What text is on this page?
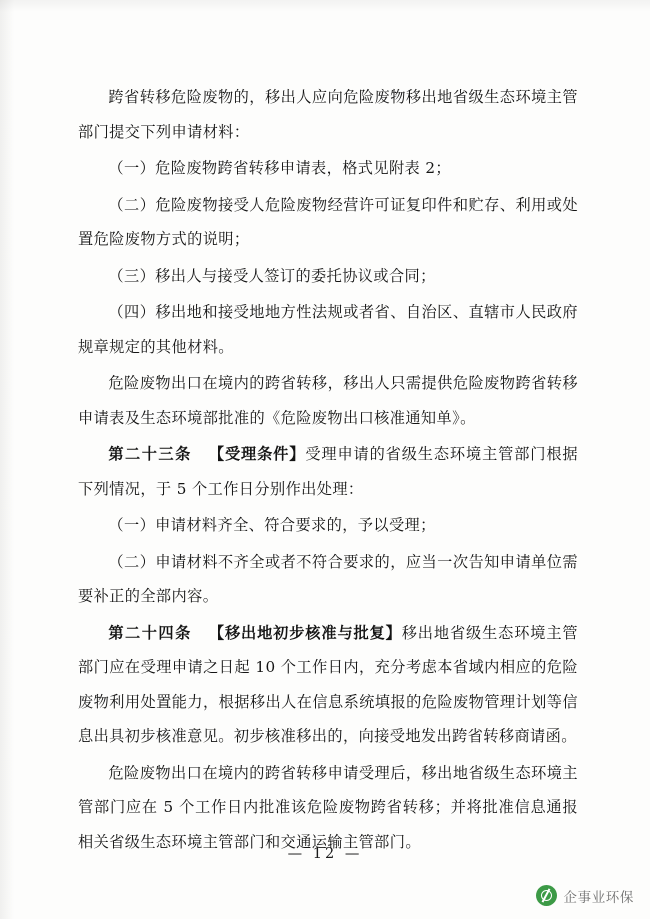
跨省转移危险废物的，移出人应向危险废物移出地省级生态环境主管部门提交下列申请材料：

（一）危险废物跨省转移申请表，格式见附表 2；

（二）危险废物接受人危险废物经营许可证复印件和贮存、利用或处置危险废物方式的说明；

（三）移出人与接受人签订的委托协议或合同；

（四）移出地和接受地地方性法规或者省、自治区、直辖市人民政府规章规定的其他材料。

危险废物出口在境内的跨省转移，移出人只需提供危险废物跨省转移申请表及生态环境部批准的《危险废物出口核准通知单》。

第二十三条 【受理条件】受理申请的省级生态环境主管部门根据下列情况，于 5 个工作日分别作出处理：

（一）申请材料齐全、符合要求的，予以受理；

（二）申请材料不齐全或者不符合要求的，应当一次告知申请单位需要补正的全部内容。

第二十四条 【移出地初步核准与批复】移出地省级生态环境主管部门应在受理申请之日起 10 个工作日内，充分考虑本省域内相应的危险废物利用处置能力，根据移出人在信息系统填报的危险废物管理计划等信息出具初步核准意见。初步核准移出的，向接受地发出跨省转移商请函。

危险废物出口在境内的跨省转移申请受理后，移出地省级生态环境主管部门应在 5 个工作日内批准该危险废物跨省转移；并将批准信息通报相关省级生态环境主管部门和交通运输主管部门。

— 12 —
企事业环保
